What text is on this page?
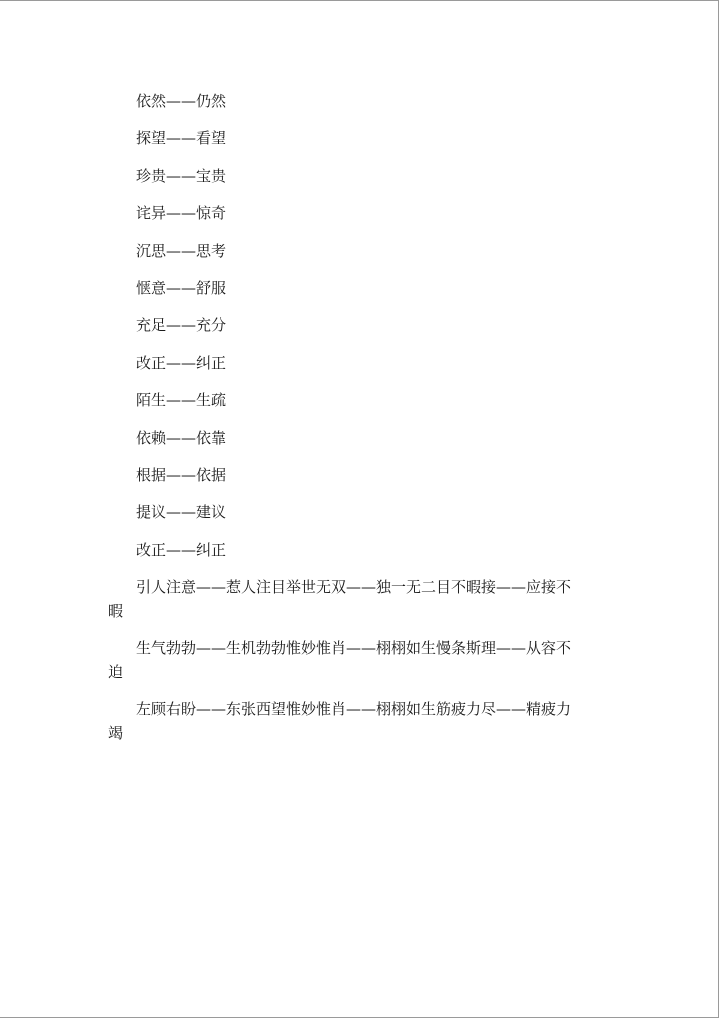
依然——仍然
探望——看望
珍贵——宝贵
诧异——惊奇
沉思——思考
惬意——舒服
充足——充分
改正——纠正
陌生——生疏
依赖——依靠
根据——依据
提议——建议
改正——纠正
引人注意——惹人注目举世无双——独一无二目不暇接——应接不暇
生气勃勃——生机勃勃惟妙惟肖——栩栩如生慢条斯理——从容不迫
左顾右盼——东张西望惟妙惟肖——栩栩如生筋疲力尽——精疲力竭
